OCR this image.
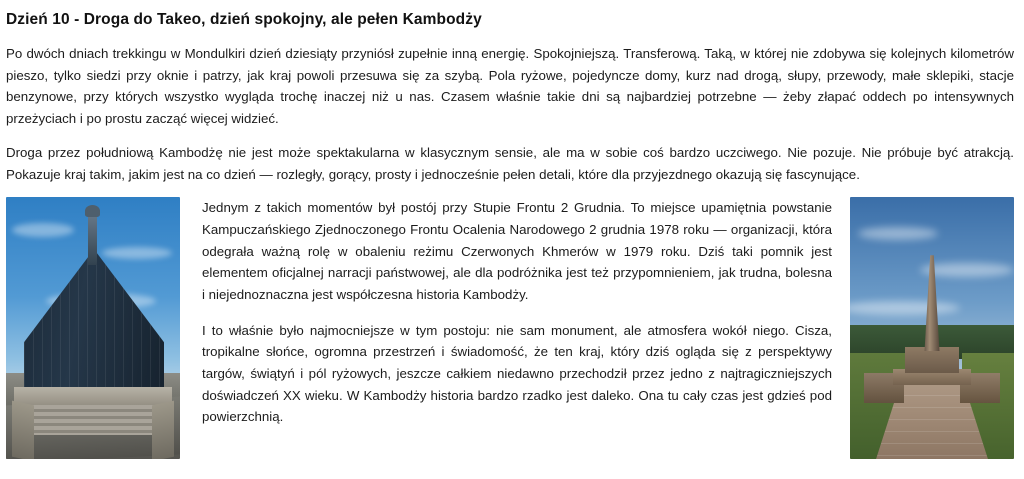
Dzień 10 - Droga do Takeo, dzień spokojny, ale pełen Kambodży

Po dwóch dniach trekkingu w Mondulkiri dzień dziesiąty przyniósł zupełnie inną energię. Spokojniejszą. Transferową. Taką, w której nie zdobywa się kolejnych kilometrów pieszo, tylko siedzi przy oknie i patrzy, jak kraj powoli przesuwa się za szybą. Pola ryżowe, pojedyncze domy, kurz nad drogą, słupy, przewody, małe sklepiki, stacje benzynowe, przy których wszystko wygląda trochę inaczej niż u nas. Czasem właśnie takie dni są najbardziej potrzebne — żeby złapać oddech po intensywnych przeżyciach i po prostu zacząć więcej widzieć.

Droga przez południową Kambodżę nie jest może spektakularna w klasycznym sensie, ale ma w sobie coś bardzo uczciwego. Nie pozuje. Nie próbuje być atrakcją. Pokazuje kraj takim, jakim jest na co dzień — rozległy, gorący, prosty i jednocześnie pełen detali, które dla przyjezdnego okazują się fascynujące.

Jednym z takich momentów był postój przy Stupie Frontu 2 Grudnia. To miejsce upamiętnia powstanie Kampuczańskiego Zjednoczonego Frontu Ocalenia Narodowego 2 grudnia 1978 roku — organizacji, która odegrała ważną rolę w obaleniu reżimu Czerwonych Khmerów w 1979 roku. Dziś taki pomnik jest elementem oficjalnej narracji państwowej, ale dla podróżnika jest też przypomnieniem, jak trudna, bolesna i niejednoznaczna jest współczesna historia Kambodży.

I to właśnie było najmocniejsze w tym postoju: nie sam monument, ale atmosfera wokół niego. Cisza, tropikalne słońce, ogromna przestrzeń i świadomość, że ten kraj, który dziś ogląda się z perspektywy targów, świątyń i pól ryżowych, jeszcze całkiem niedawno przechodził przez jedno z najtragiczniejszych doświadczeń XX wieku. W Kambodży historia bardzo rzadko jest daleko. Ona tu cały czas jest gdzieś pod powierzchnią.
